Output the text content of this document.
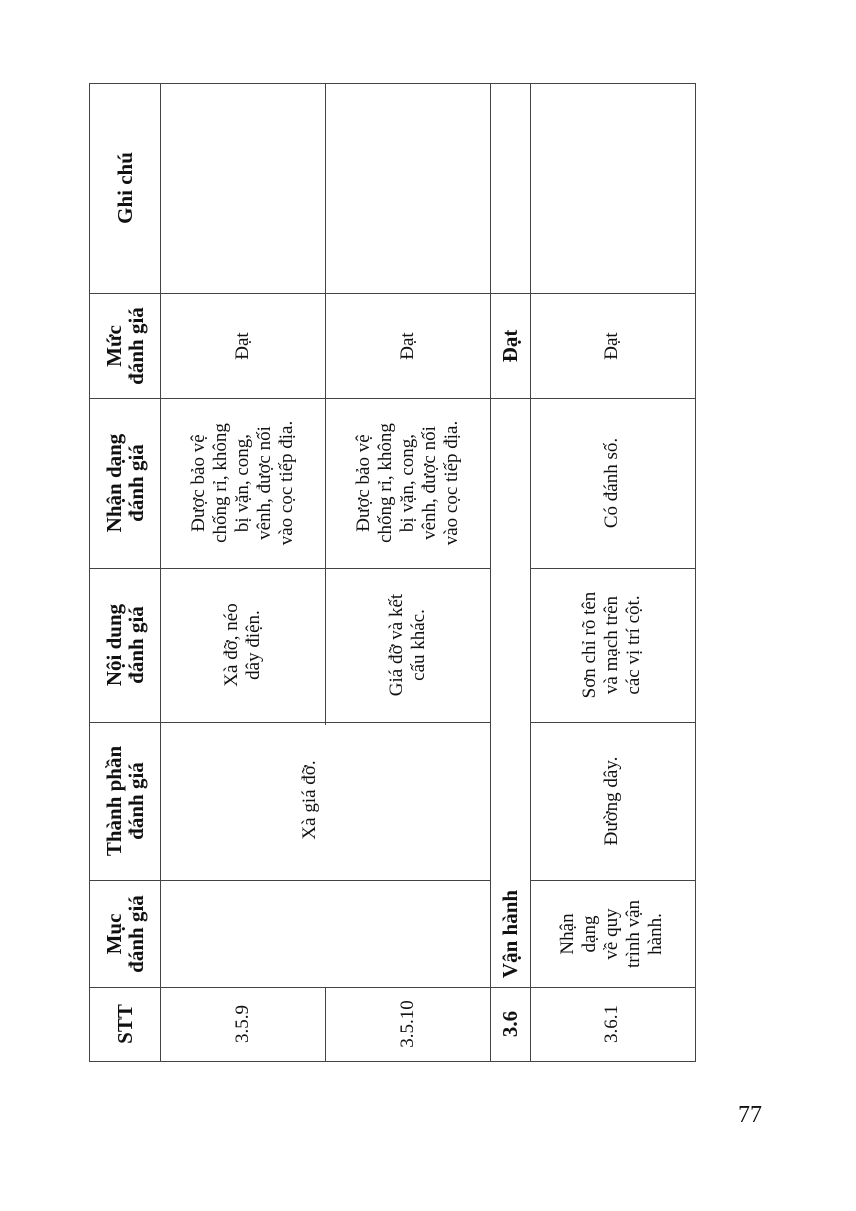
STT
Mục
đánh giá
Thành phần
đánh giá
Nội dung
đánh giá
Nhận dạng
đánh giá
Mức
đánh giá
Ghi chú
3.5.9
Xà giá đỡ.
Xà đỡ, néo dây điện.
Được bảo vệ chống rỉ, không bị vặn, cong, vênh, được nối vào cọc tiếp địa.
Đạt
3.5.10
Giá đỡ và kết cấu khác.
Được bảo vệ chống rỉ, không bị vặn, cong, vênh, được nối vào cọc tiếp địa.
Đạt
3.6
Vận hành
Đạt
3.6.1
Nhận dạng về quy trình vận hành.
Đường dây.
Sơn chỉ rõ tên và mạch trên các vị trí cột.
Có đánh số.
Đạt
77
